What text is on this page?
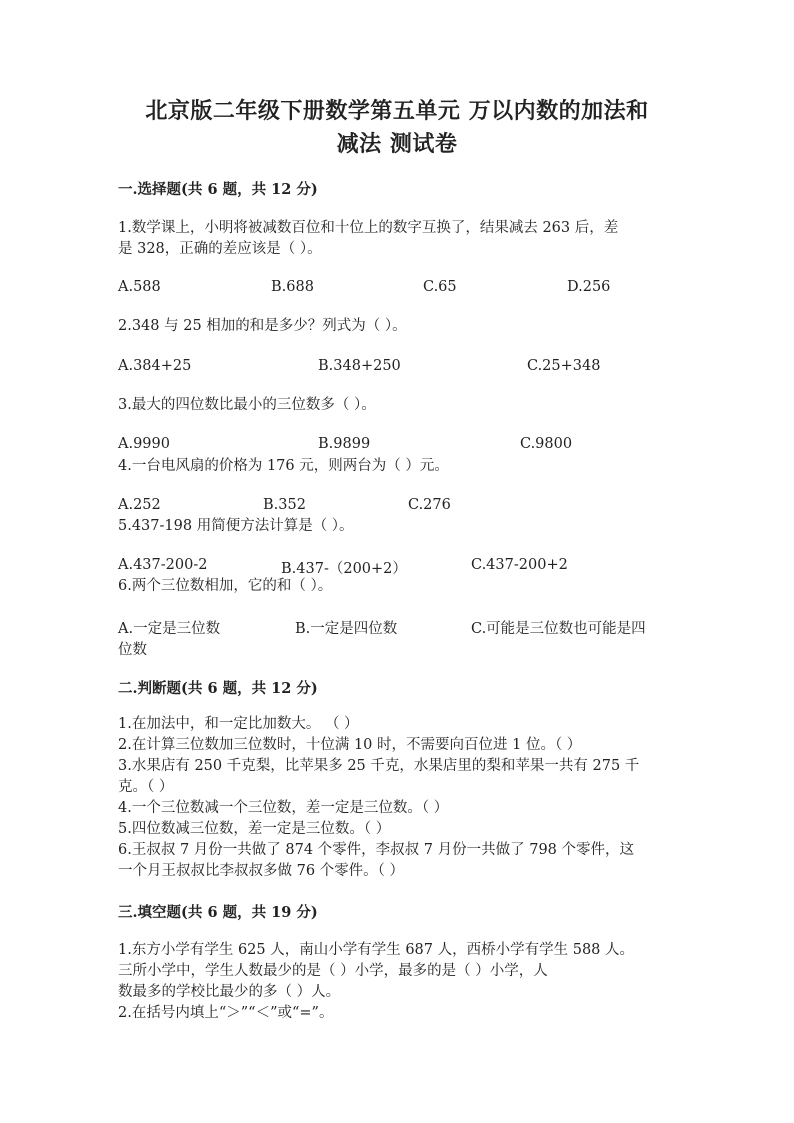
北京版二年级下册数学第五单元 万以内数的加法和
减法 测试卷
一.选择题(共 6 题，共 12 分)
1.数学课上，小明将被减数百位和十位上的数字互换了，结果减去 263 后，差
是 328，正确的差应该是（ ）。
A.588	B.688	C.65	D.256
2.348 与 25 相加的和是多少？列式为（ ）。
A.384+25	B.348+250	C.25+348
3.最大的四位数比最小的三位数多（ ）。
A.9990	B.9899	C.9800
4.一台电风扇的价格为 176 元，则两台为（ ）元。
A.252	B.352	C.276
5.437-198 用简便方法计算是（ ）。
A.437-200-2	B.437-（200+2）	C.437-200+2
6.两个三位数相加，它的和（ ）。
A.一定是三位数	B.一定是四位数	C.可能是三位数也可能是四
位数
二.判断题(共 6 题，共 12 分)
1.在加法中，和一定比加数大。 （ ）
2.在计算三位数加三位数时，十位满 10 时，不需要向百位进 1 位。（ ）
3.水果店有 250 千克梨，比苹果多 25 千克，水果店里的梨和苹果一共有 275 千
克。（ ）
4.一个三位数减一个三位数，差一定是三位数。（ ）
5.四位数减三位数，差一定是三位数。（ ）
6.王叔叔 7 月份一共做了 874 个零件，李叔叔 7 月份一共做了 798 个零件，这
一个月王叔叔比李叔叔多做 76 个零件。（ ）
三.填空题(共 6 题，共 19 分)
1.东方小学有学生 625 人，南山小学有学生 687 人，西桥小学有学生 588 人。
三所小学中，学生人数最少的是（ ）小学，最多的是（ ）小学，人
数最多的学校比最少的多（ ）人。
2.在括号内填上“＞”“＜”或“=”。
